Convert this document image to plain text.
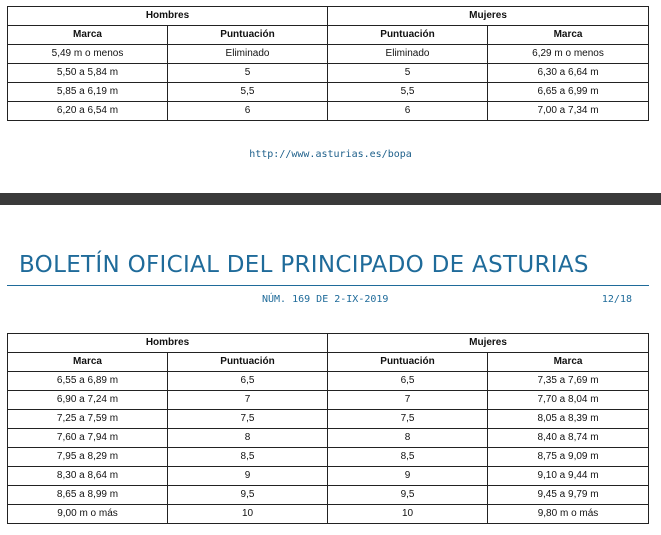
Hombres		Mujeres	
Marca	Puntuación	Puntuación	Marca
5,49 m o menos	Eliminado	Eliminado	6,29 m o menos
5,50 a 5,84 m	5	5	6,30 a 6,64 m
5,85 a 6,19 m	5,5	5,5	6,65 a 6,99 m
6,20 a 6,54 m	6	6	7,00 a 7,34 m
http://www.asturias.es/bopa
BOLETÍN OFICIAL DEL PRINCIPADO DE ASTURIAS
NÚM. 169 DE 2-IX-2019	12/18
Hombres		Mujeres	
Marca	Puntuación	Puntuación	Marca
6,55 a 6,89 m	6,5	6,5	7,35 a 7,69 m
6,90 a 7,24 m	7	7	7,70 a 8,04 m
7,25 a 7,59 m	7,5	7,5	8,05 a 8,39 m
7,60 a 7,94 m	8	8	8,40 a 8,74 m
7,95 a 8,29 m	8,5	8,5	8,75 a 9,09 m
8,30 a 8,64 m	9	9	9,10 a 9,44 m
8,65 a 8,99 m	9,5	9,5	9,45 a 9,79 m
9,00 m o más	10	10	9,80 m o más
